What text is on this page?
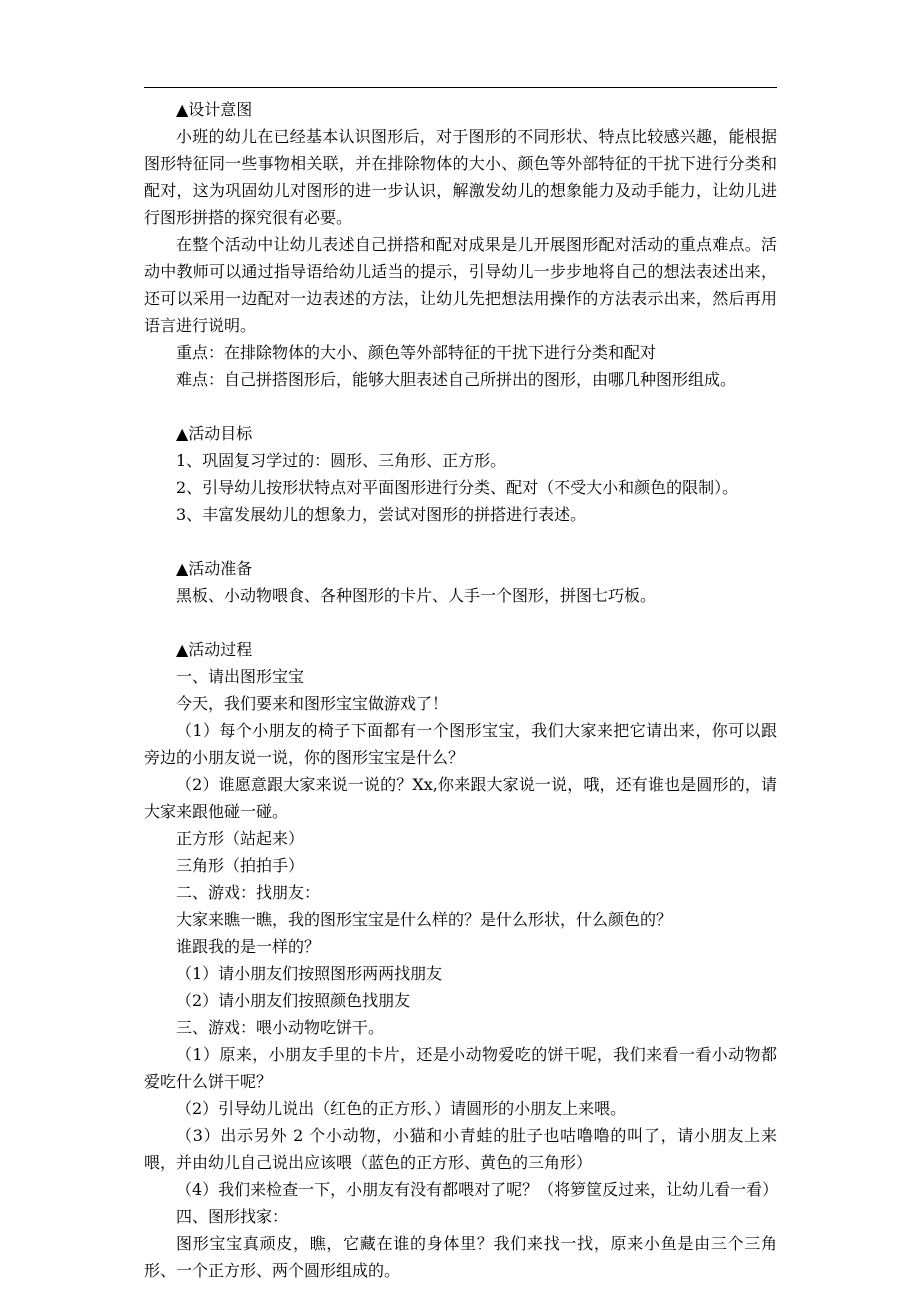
▲设计意图

小班的幼儿在已经基本认识图形后，对于图形的不同形状、特点比较感兴趣，能根据图形特征同一些事物相关联，并在排除物体的大小、颜色等外部特征的干扰下进行分类和配对，这为巩固幼儿对图形的进一步认识，解激发幼儿的想象能力及动手能力，让幼儿进行图形拼搭的探究很有必要。

在整个活动中让幼儿表述自己拼搭和配对成果是儿开展图形配对活动的重点难点。活动中教师可以通过指导语给幼儿适当的提示，引导幼儿一步步地将自己的想法表述出来，还可以采用一边配对一边表述的方法，让幼儿先把想法用操作的方法表示出来，然后再用语言进行说明。

重点：在排除物体的大小、颜色等外部特征的干扰下进行分类和配对

难点：自己拼搭图形后，能够大胆表述自己所拼出的图形，由哪几种图形组成。

▲活动目标

1、巩固复习学过的：圆形、三角形、正方形。

2、引导幼儿按形状特点对平面图形进行分类、配对（不受大小和颜色的限制）。

3、丰富发展幼儿的想象力，尝试对图形的拼搭进行表述。

▲活动准备

黑板、小动物喂食、各种图形的卡片、人手一个图形，拼图七巧板。

▲活动过程

一、请出图形宝宝

今天，我们要来和图形宝宝做游戏了！

（1）每个小朋友的椅子下面都有一个图形宝宝，我们大家来把它请出来，你可以跟旁边的小朋友说一说，你的图形宝宝是什么？

（2）谁愿意跟大家来说一说的？Xx,你来跟大家说一说，哦，还有谁也是圆形的，请大家来跟他碰一碰。

正方形（站起来）

三角形（拍拍手）

二、游戏：找朋友：

大家来瞧一瞧，我的图形宝宝是什么样的？是什么形状，什么颜色的？

谁跟我的是一样的？

（1）请小朋友们按照图形两两找朋友

（2）请小朋友们按照颜色找朋友

三、游戏：喂小动物吃饼干。

（1）原来，小朋友手里的卡片，还是小动物爱吃的饼干呢，我们来看一看小动物都爱吃什么饼干呢？

（2）引导幼儿说出（红色的正方形、）请圆形的小朋友上来喂。

（3）出示另外 2 个小动物，小猫和小青蛙的肚子也咕噜噜的叫了，请小朋友上来喂，并由幼儿自己说出应该喂（蓝色的正方形、黄色的三角形）

（4）我们来检查一下，小朋友有没有都喂对了呢？（将箩筐反过来，让幼儿看一看）

四、图形找家：

图形宝宝真顽皮，瞧，它藏在谁的身体里？我们来找一找，原来小鱼是由三个三角形、一个正方形、两个圆形组成的。
